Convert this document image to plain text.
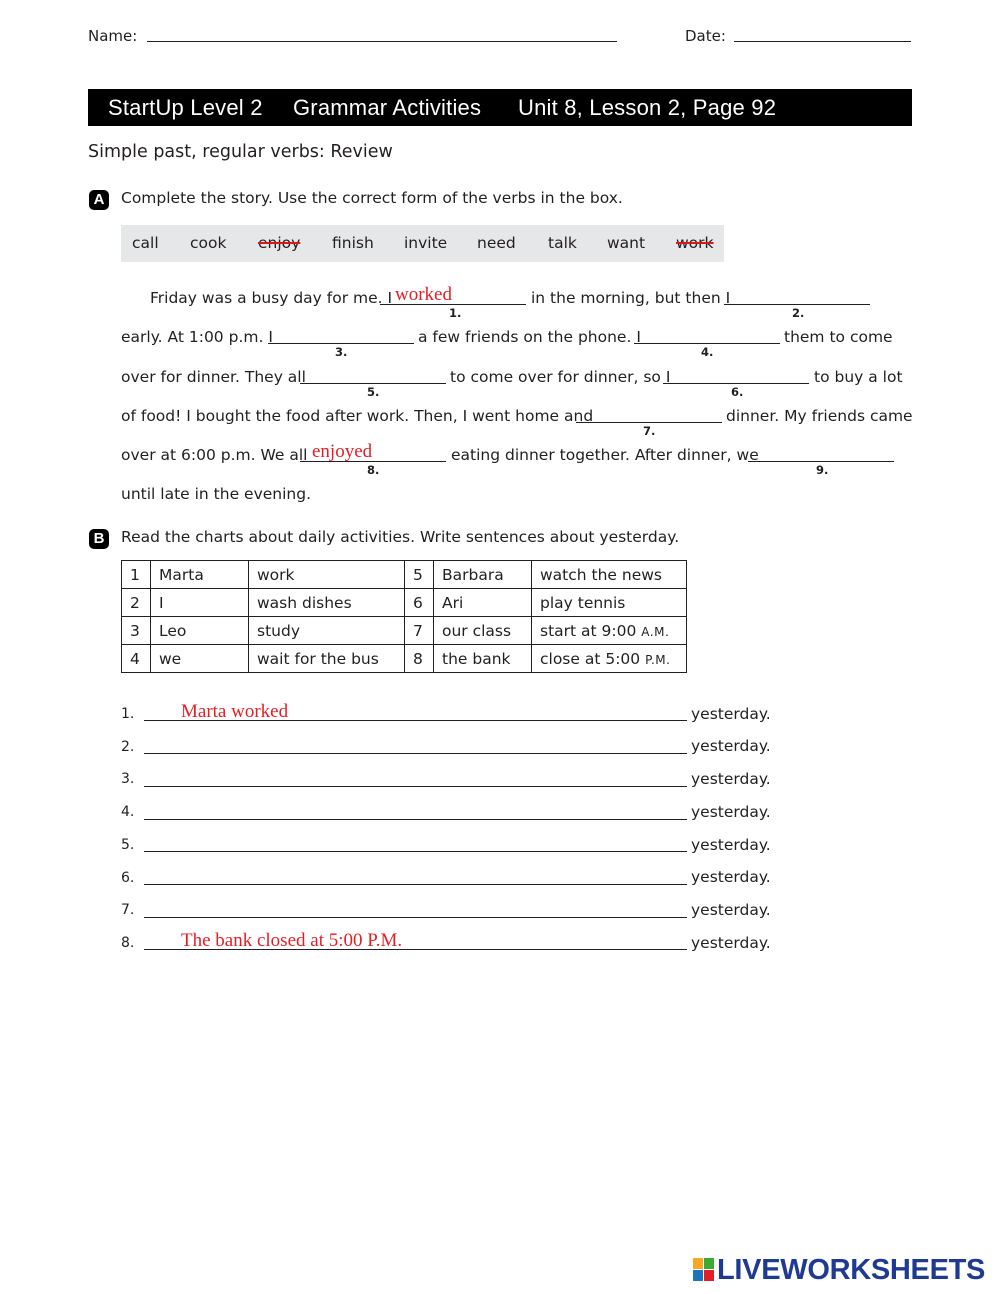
Name:	Date:
StartUp Level 2 Grammar Activities Unit 8, Lesson 2, Page 92
Simple past, regular verbs: Review
A Complete the story. Use the correct form of the verbs in the box.
call cook enjoy finish invite need talk want work
Friday was a busy day for me. I worked
1.
in the morning, but then I
2.
early. At 1:00 p.m. I
3.
a few friends on the phone. I
4.
them to come
over for dinner. They all
5.
to come over for dinner, so I
6.
to buy a lot
of food! I bought the food after work. Then, I went home and
7.
dinner. My friends came
over at 6:00 p.m. We all enjoyed
8.
eating dinner together. After dinner, we
9.
until late in the evening.
B Read the charts about daily activities. Write sentences about yesterday.
1	Marta	work	5	Barbara	watch the news
2	I	wash dishes	6	Ari	play tennis
3	Leo	study	7	our class	start at 9:00 A.M.
4	we	wait for the bus	8	the bank	close at 5:00 P.M.
1. Marta worked	yesterday.
2.	yesterday.
3.	yesterday.
4.	yesterday.
5.	yesterday.
6.	yesterday.
7.	yesterday.
8. The bank closed at 5:00 P.M.	yesterday.
LIVEWORKSHEETS
